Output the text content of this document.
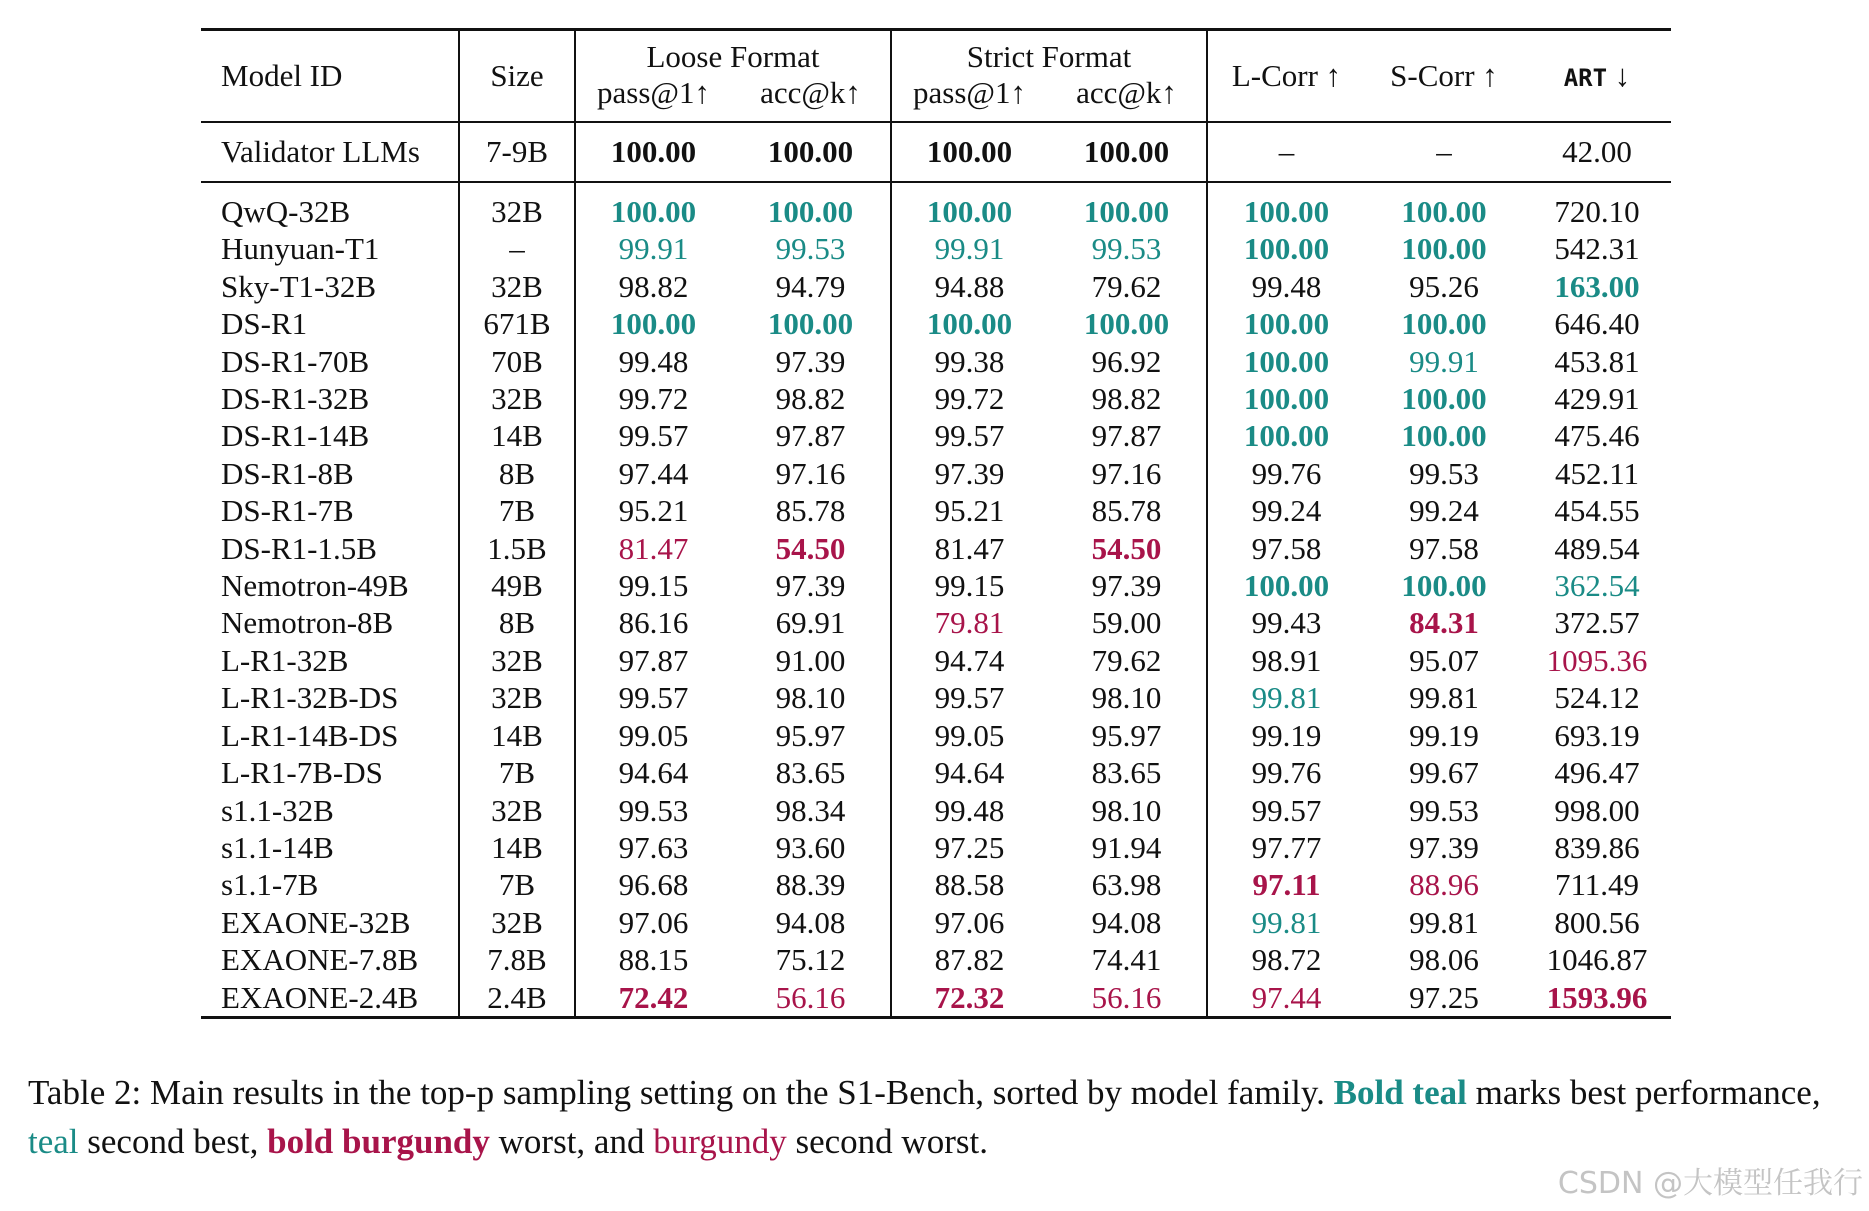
Model ID	Size	Loose Format		Strict Format		L-Corr ↑	S-Corr ↑	ART ↓
		pass@1↑	acc@k↑	pass@1↑	acc@k↑			
Validator LLMs	7-9B	100.00	100.00	100.00	100.00	–	–	42.00

QwQ-32B	32B	100.00	100.00	100.00	100.00	100.00	100.00	720.10
Hunyuan-T1	–	99.91	99.53	99.91	99.53	100.00	100.00	542.31
Sky-T1-32B	32B	98.82	94.79	94.88	79.62	99.48	95.26	163.00
DS-R1	671B	100.00	100.00	100.00	100.00	100.00	100.00	646.40
DS-R1-70B	70B	99.48	97.39	99.38	96.92	100.00	99.91	453.81
DS-R1-32B	32B	99.72	98.82	99.72	98.82	100.00	100.00	429.91
DS-R1-14B	14B	99.57	97.87	99.57	97.87	100.00	100.00	475.46
DS-R1-8B	8B	97.44	97.16	97.39	97.16	99.76	99.53	452.11
DS-R1-7B	7B	95.21	85.78	95.21	85.78	99.24	99.24	454.55
DS-R1-1.5B	1.5B	81.47	54.50	81.47	54.50	97.58	97.58	489.54
Nemotron-49B	49B	99.15	97.39	99.15	97.39	100.00	100.00	362.54
Nemotron-8B	8B	86.16	69.91	79.81	59.00	99.43	84.31	372.57
L-R1-32B	32B	97.87	91.00	94.74	79.62	98.91	95.07	1095.36
L-R1-32B-DS	32B	99.57	98.10	99.57	98.10	99.81	99.81	524.12
L-R1-14B-DS	14B	99.05	95.97	99.05	95.97	99.19	99.19	693.19
L-R1-7B-DS	7B	94.64	83.65	94.64	83.65	99.76	99.67	496.47
s1.1-32B	32B	99.53	98.34	99.48	98.10	99.57	99.53	998.00
s1.1-14B	14B	97.63	93.60	97.25	91.94	97.77	97.39	839.86
s1.1-7B	7B	96.68	88.39	88.58	63.98	97.11	88.96	711.49
EXAONE-32B	32B	97.06	94.08	97.06	94.08	99.81	99.81	800.56
EXAONE-7.8B	7.8B	88.15	75.12	87.82	74.41	98.72	98.06	1046.87
EXAONE-2.4B	2.4B	72.42	56.16	72.32	56.16	97.44	97.25	1593.96
Table 2: Main results in the top-p sampling setting on the S1-Bench, sorted by model family. Bold teal marks best performance, teal second best, bold burgundy worst, and burgundy second worst.
CSDN @大模型任我行
